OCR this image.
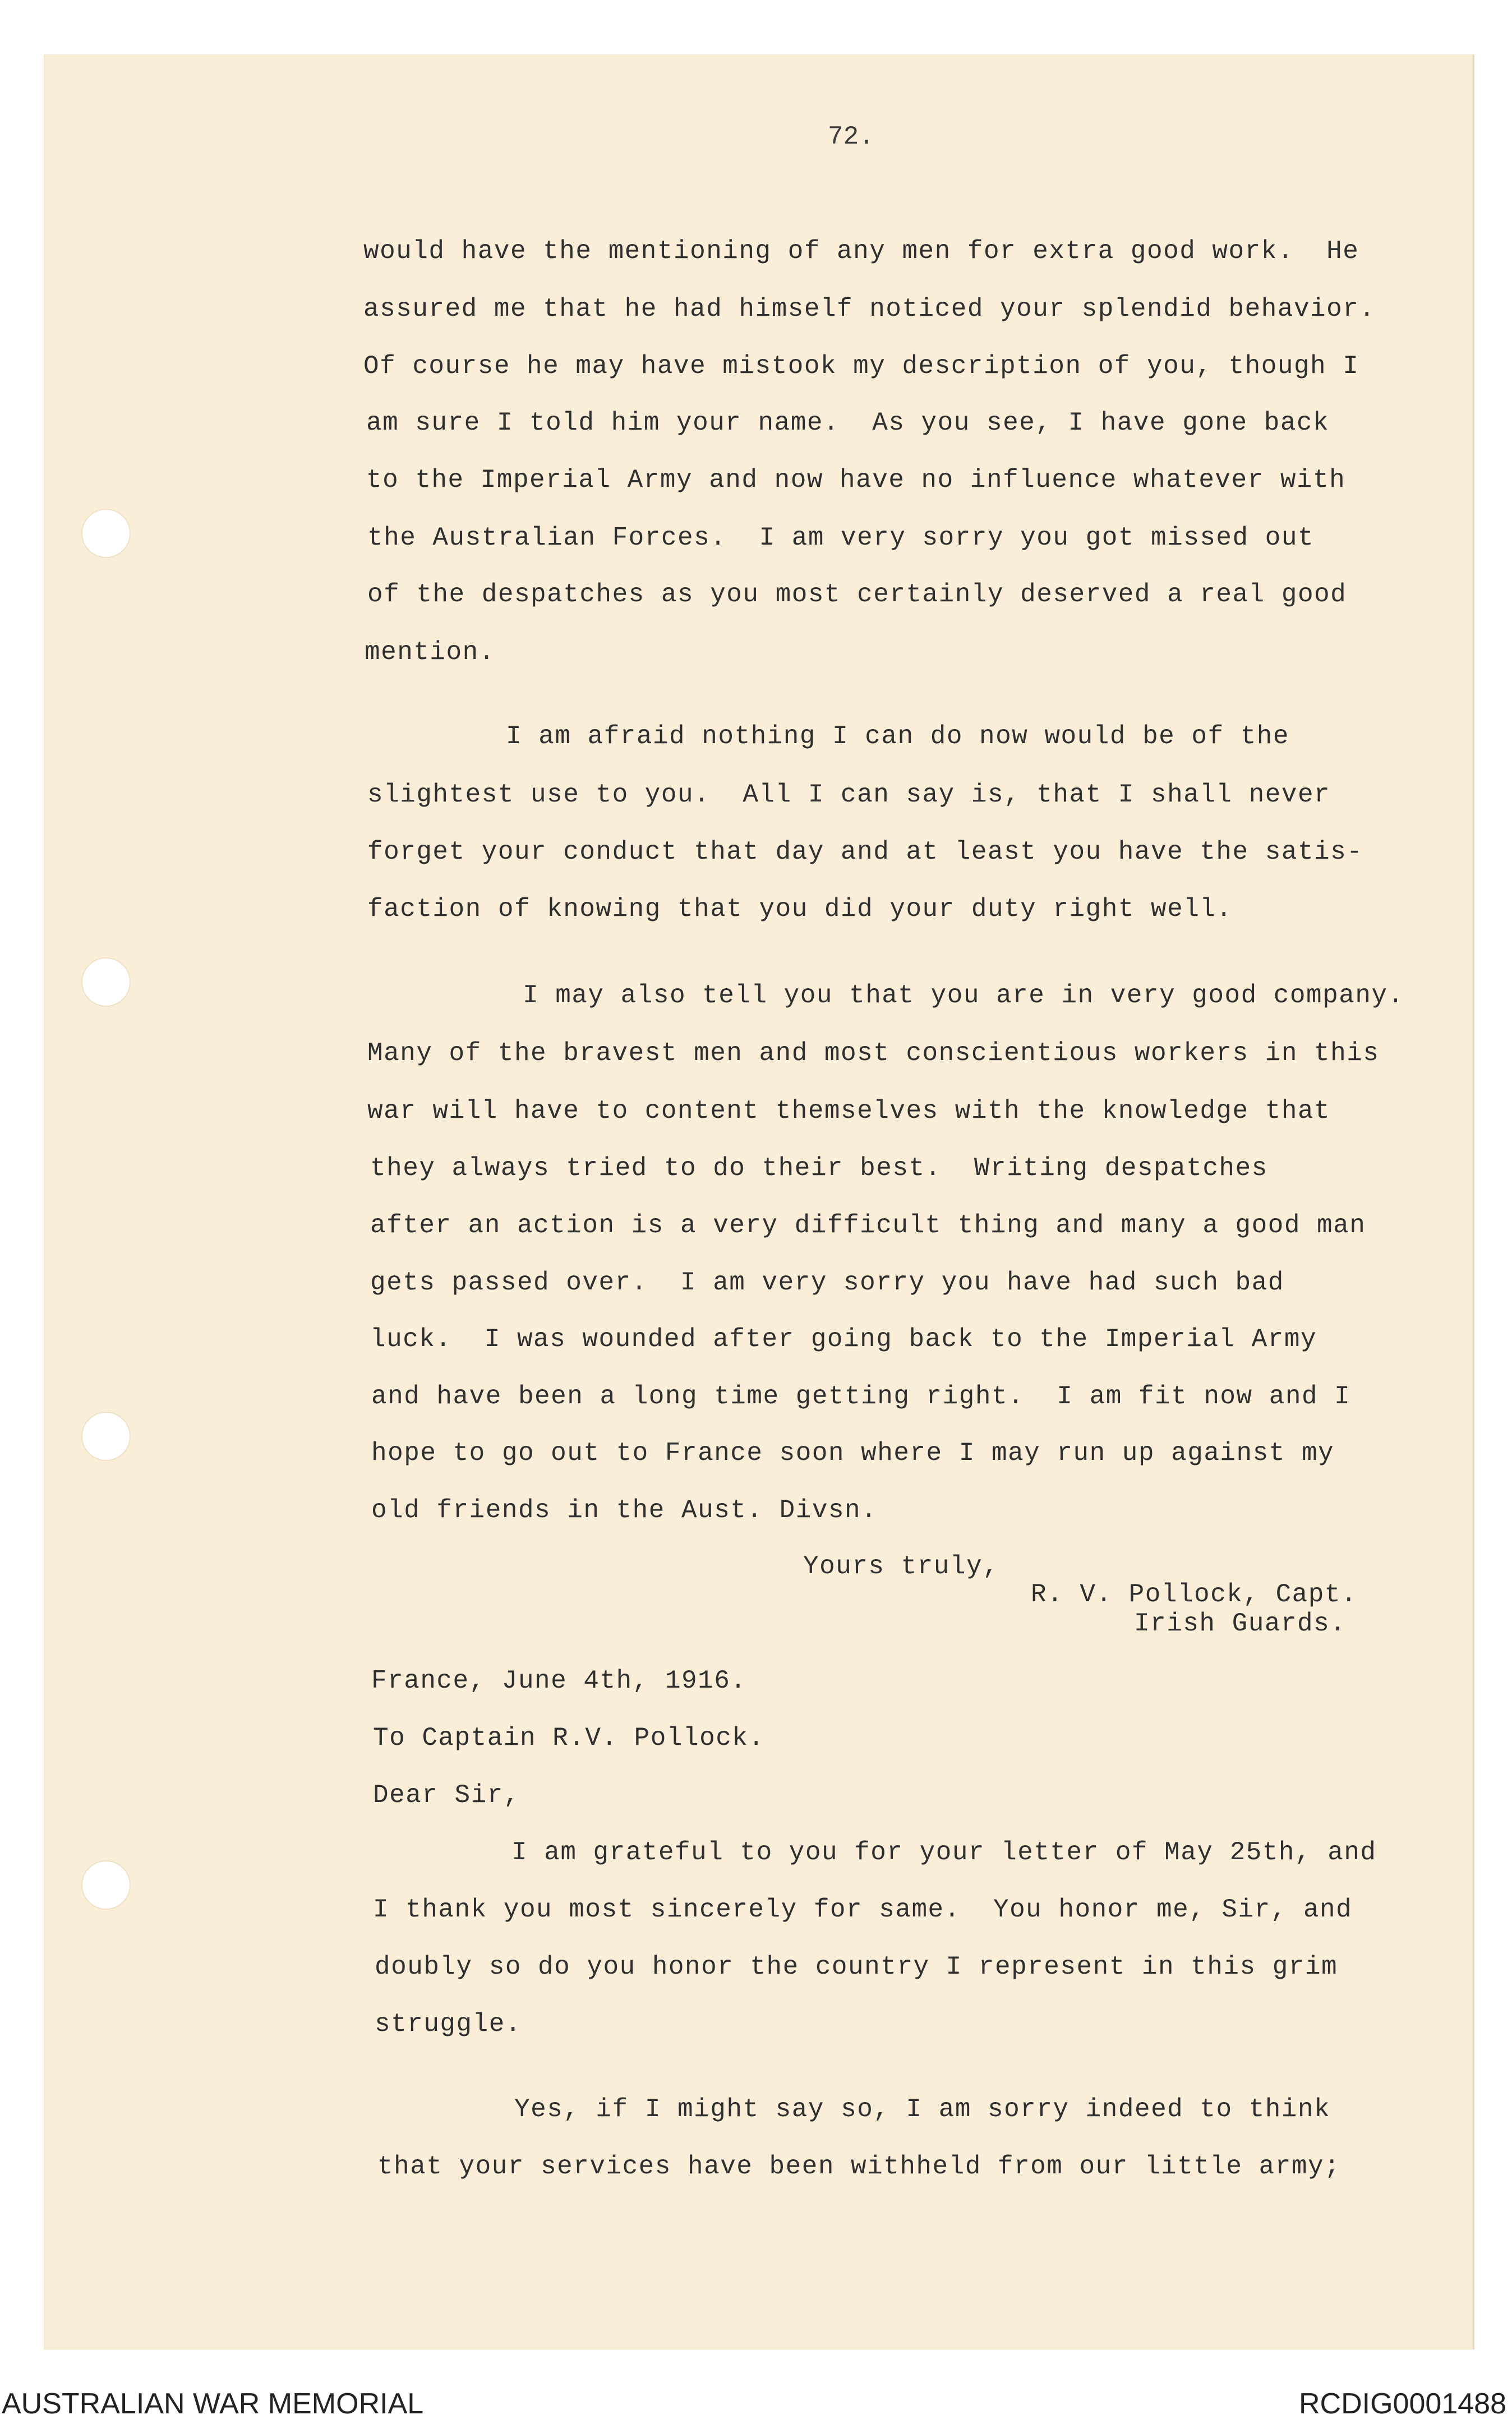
72.
would have the mentioning of any men for extra good work.  He
assured me that he had himself noticed your splendid behavior.
Of course he may have mistook my description of you, though I
am sure I told him your name.  As you see, I have gone back
to the Imperial Army and now have no influence whatever with
the Australian Forces.  I am very sorry you got missed out
of the despatches as you most certainly deserved a real good
mention.
I am afraid nothing I can do now would be of the
slightest use to you.  All I can say is, that I shall never
forget your conduct that day and at least you have the satis-
faction of knowing that you did your duty right well.
I may also tell you that you are in very good company.
Many of the bravest men and most conscientious workers in this
war will have to content themselves with the knowledge that
they always tried to do their best.  Writing despatches
after an action is a very difficult thing and many a good man
gets passed over.  I am very sorry you have had such bad
luck.  I was wounded after going back to the Imperial Army
and have been a long time getting right.  I am fit now and I
hope to go out to France soon where I may run up against my
old friends in the Aust. Divsn.
Yours truly,
R. V. Pollock, Capt.
Irish Guards.
France, June 4th, 1916.
To Captain R.V. Pollock.
Dear Sir,
I am grateful to you for your letter of May 25th, and
I thank you most sincerely for same.  You honor me, Sir, and
doubly so do you honor the country I represent in this grim
struggle.
Yes, if I might say so, I am sorry indeed to think
that your services have been withheld from our little army;
AUSTRALIAN WAR MEMORIAL	RCDIG0001488
